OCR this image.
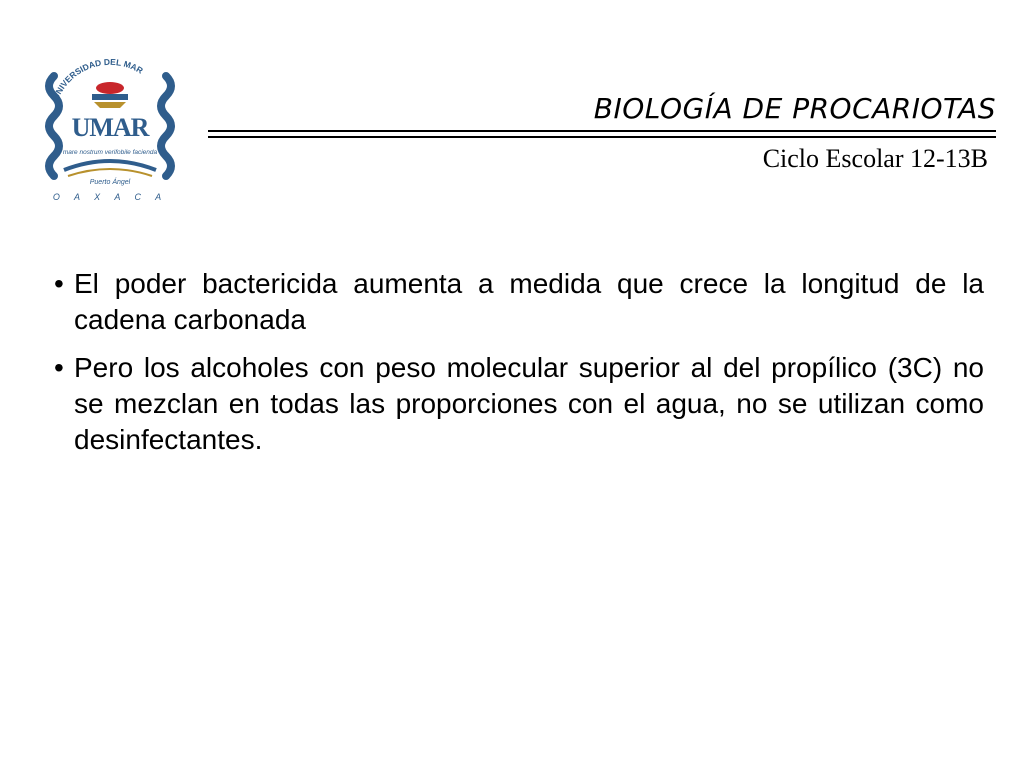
UNIVERSIDAD DEL MAR
UMAR
mare nostrum verifobile facienda
Puerto Ángel
O A X A C A
BIOLOGÍA DE PROCARIOTAS
Ciclo Escolar 12-13B
• El poder bactericida aumenta a medida que crece la longitud de la cadena carbonada
• Pero los alcoholes con peso molecular superior al del propílico (3C) no se mezclan en todas las proporciones con el agua, no se utilizan como desinfectantes.
